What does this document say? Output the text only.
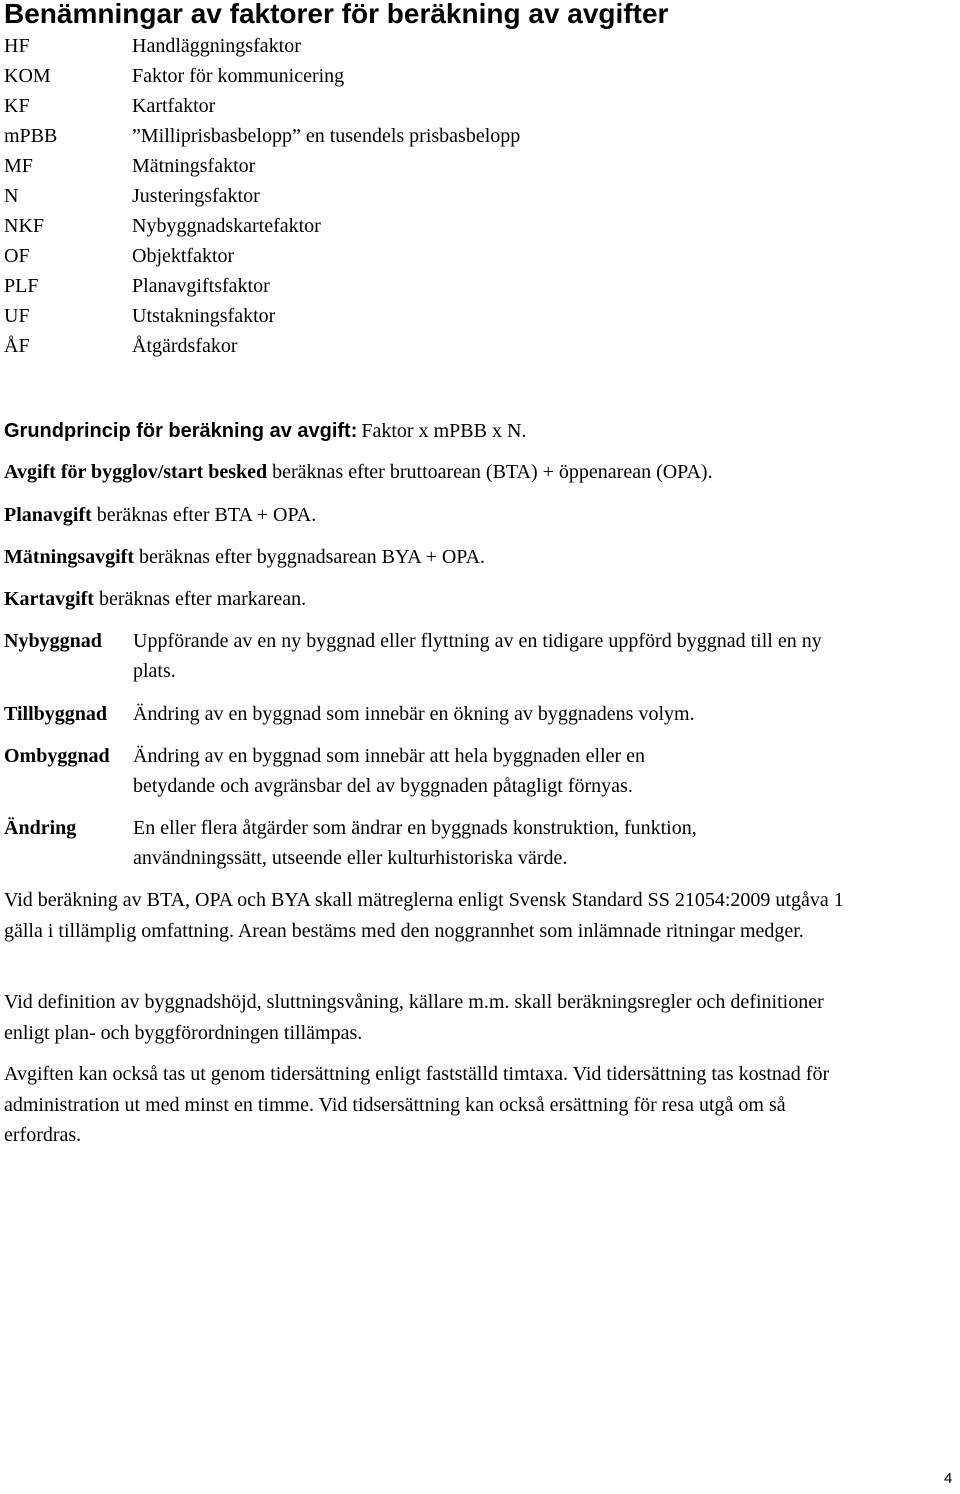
Benämningar av faktorer för beräkning av avgifter
HF	Handläggningsfaktor
KOM	Faktor för kommunicering
KF	Kartfaktor
mPBB	”Milliprisbasbelopp” en tusendels prisbasbelopp
MF	Mätningsfaktor
N	Justeringsfaktor
NKF	Nybyggnadskartefaktor
OF	Objektfaktor
PLF	Planavgiftsfaktor
UF	Utstakningsfaktor
ÅF	Åtgärdsfakor
Grundprincip för beräkning av avgift: Faktor x mPBB x N.
Avgift för bygglov/start besked beräknas efter bruttoarean (BTA) + öppenarean (OPA).
Planavgift beräknas efter BTA + OPA.
Mätningsavgift beräknas efter byggnadsarean BYA + OPA.
Kartavgift beräknas efter markarean.
Nybyggnad Uppförande av en ny byggnad eller flyttning av en tidigare uppförd byggnad till en ny plats.
Tillbyggnad Ändring av en byggnad som innebär en ökning av byggnadens volym.
Ombyggnad Ändring av en byggnad som innebär att hela byggnaden eller en betydande och avgränsbar del av byggnaden påtagligt förnyas.
Ändring	En eller flera åtgärder som ändrar en byggnads konstruktion, funktion, användningssätt, utseende eller kulturhistoriska värde.

Vid beräkning av BTA, OPA och BYA skall mätreglerna enligt Svensk Standard SS 21054:2009 utgåva 1 gälla i tillämplig omfattning. Arean bestäms med den noggrannhet som inlämnade ritningar medger.

Vid definition av byggnadshöjd, sluttningsvåning, källare m.m. skall beräkningsregler och definitioner enligt plan- och byggförordningen tillämpas.

Avgiften kan också tas ut genom tidersättning enligt fastställd timtaxa. Vid tidersättning tas kostnad för administration ut med minst en timme. Vid tidsersättning kan också ersättning för resa utgå om så erfordras.

4
